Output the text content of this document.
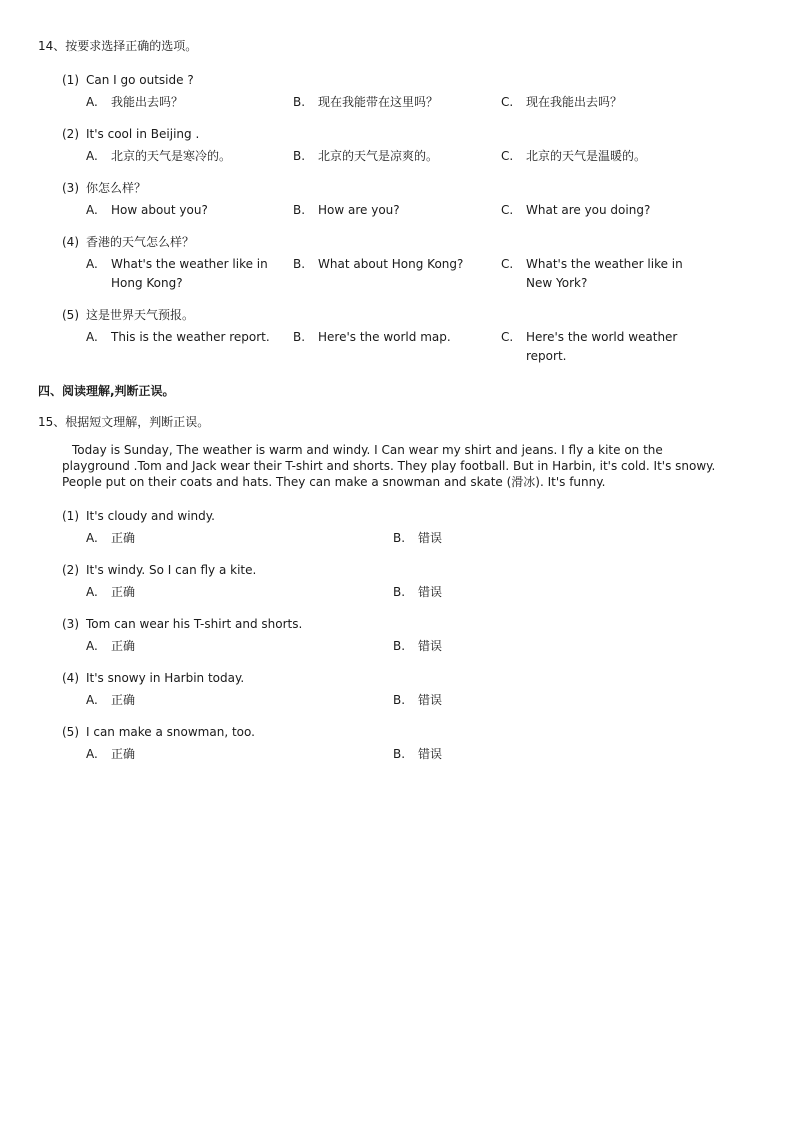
14、按要求选择正确的选项。
(1) Can I go outside ?
A. 我能出去吗？	B. 现在我能带在这里吗？	C. 现在我能出去吗？
(2) It's cool in Beijing .
A. 北京的天气是寒冷的。	B. 北京的天气是凉爽的。	C. 北京的天气是温暖的。
(3) 你怎么样？
A. How about you?	B. How are you?	C. What are you doing?
(4) 香港的天气怎么样？
A. What's the weather like in
Hong Kong?
B. What about Hong Kong?	C. What's the weather like in
New York?
(5) 这是世界天气预报。
A. This is the weather report. B. Here's the world map.	C. Here's the world weather
report.
四、阅读理解,判断正误。
15、根据短文理解，判断正误。
Today is Sunday, The weather is warm and windy. I Can wear my shirt and jeans. I fly a kite on the playground .Tom and Jack wear their T-shirt and shorts. They play football. But in Harbin, it's cold. It's snowy. People put on their coats and hats. They can make a snowman and skate (滑冰). It's funny.
(1) It's cloudy and windy.
A. 正确	B. 错误
(2) It's windy. So I can fly a kite.
A. 正确	B. 错误
(3) Tom can wear his T-shirt and shorts.
A. 正确	B. 错误
(4) It's snowy in Harbin today.
A. 正确	B. 错误
(5) I can make a snowman, too.
A. 正确	B. 错误
